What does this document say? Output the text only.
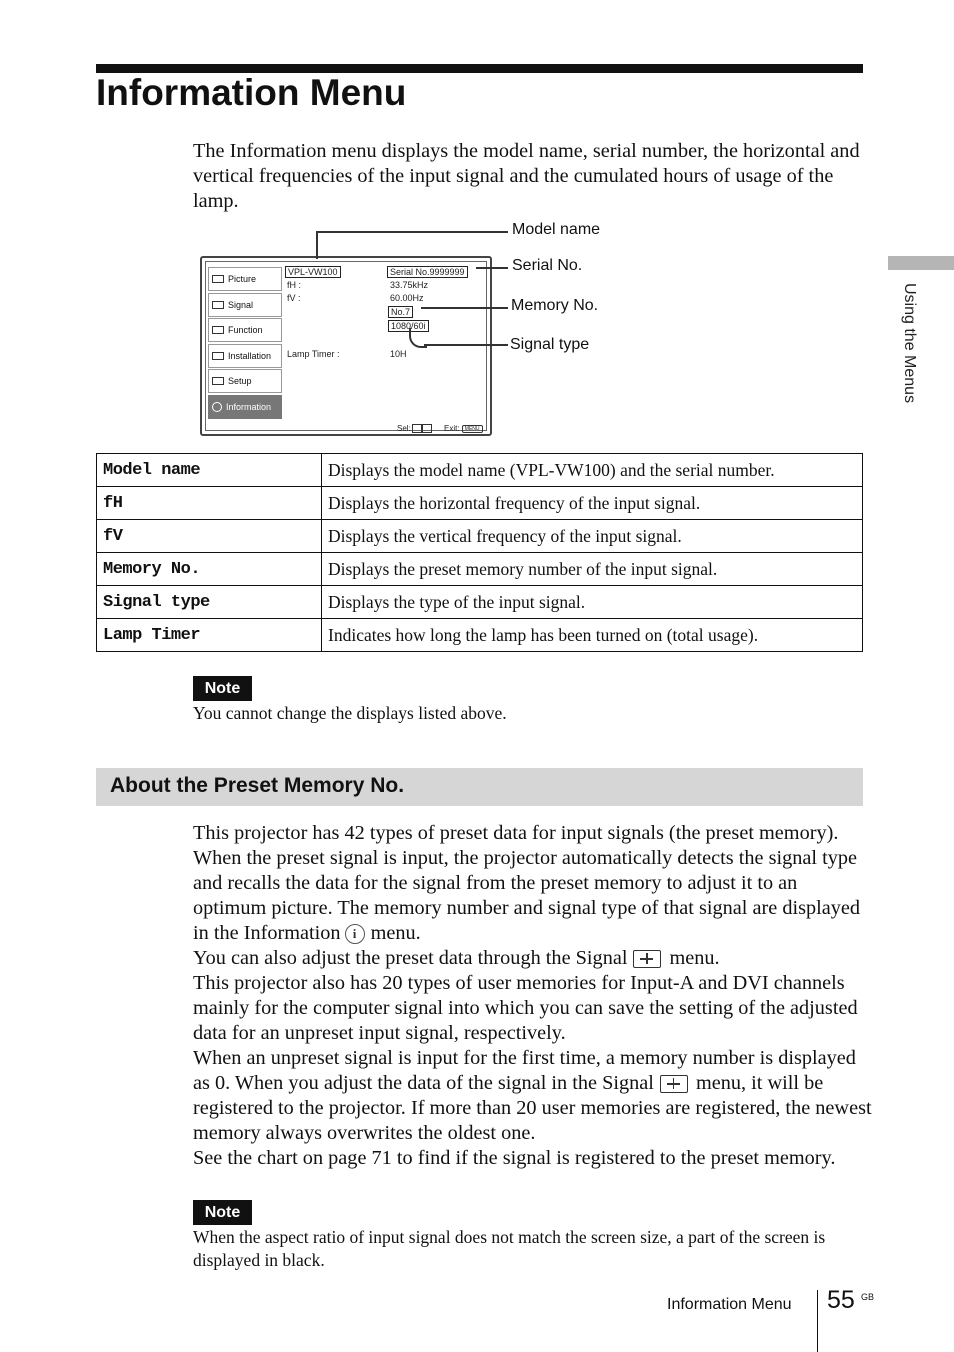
Information Menu
The Information menu displays the model name, serial number, the horizontal and vertical frequencies of the input signal and the cumulated hours of usage of the lamp.
Picture
Signal
Function
Installation
Setup
Information
VPL-VW100
fH :
fV :
Serial No.9999999
33.75kHz
60.00Hz
No.7
1080/60i
Lamp Timer :	10H
Sel:	Exit: MENU
Model name
Serial No.
Memory No.
Signal type
Model name	Displays the model name (VPL-VW100) and the serial number.
fH	Displays the horizontal frequency of the input signal.
fV	Displays the vertical frequency of the input signal.
Memory No.	Displays the preset memory number of the input signal.
Signal type	Displays the type of the input signal.
Lamp Timer	Indicates how long the lamp has been turned on (total usage).
Note
You cannot change the displays listed above.
About the Preset Memory No.
This projector has 42 types of preset data for input signals (the preset memory). When the preset signal is input, the projector automatically detects the signal type and recalls the data for the signal from the preset memory to adjust it to an optimum picture. The memory number and signal type of that signal are displayed in the Information i menu.
You can also adjust the preset data through the Signal menu.
This projector also has 20 types of user memories for Input-A and DVI channels mainly for the computer signal into which you can save the setting of the adjusted data for an unpreset input signal, respectively.
When an unpreset signal is input for the first time, a memory number is displayed as 0. When you adjust the data of the signal in the Signal menu, it will be registered to the projector. If more than 20 user memories are registered, the newest memory always overwrites the oldest one.
See the chart on page 71 to find if the signal is registered to the preset memory.
Note
When the aspect ratio of input signal does not match the screen size, a part of the screen is displayed in black.
Using the Menus
Information Menu 55 GB
